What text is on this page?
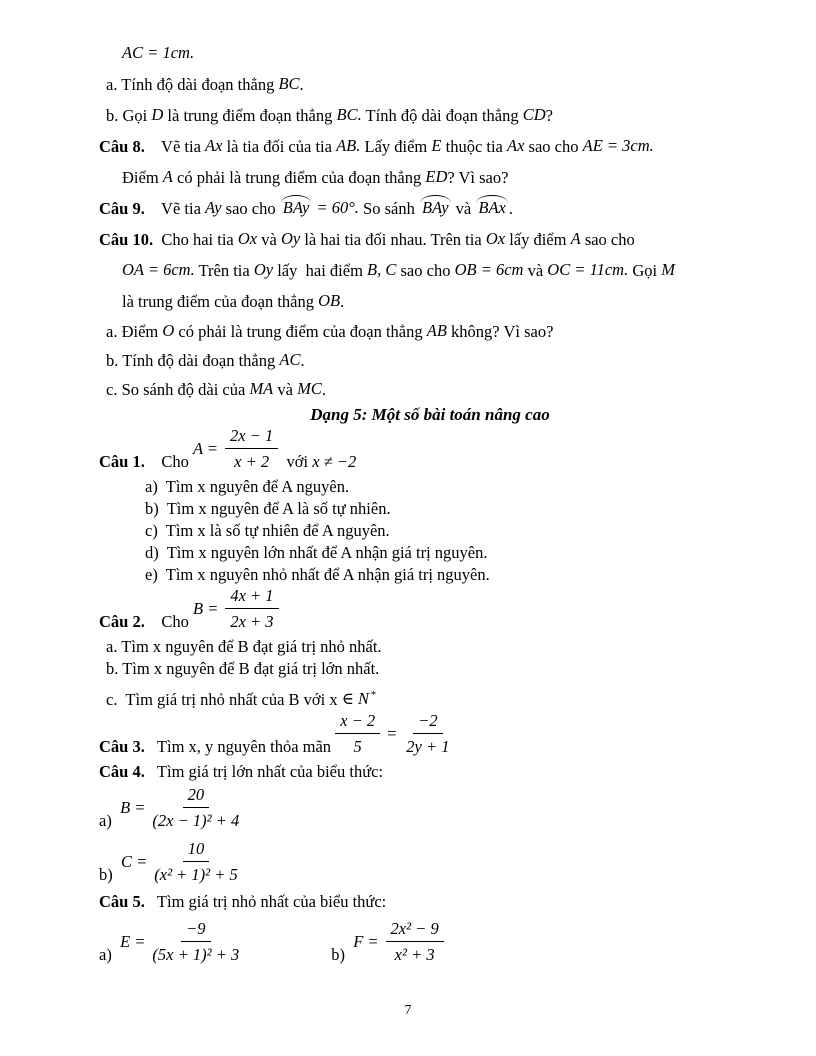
AC = 1cm.
a. Tính độ dài đoạn thẳng BC.
b. Gọi D là trung điểm đoạn thẳng BC. Tính độ dài đoạn thẳng CD?
Câu 8.    Vẽ tia Ax là tia đối của tia AB. Lấy điểm E thuộc tia Ax sao cho AE = 3cm.
Điểm A có phải là trung điểm của đoạn thẳng ED? Vì sao?
Câu 9.    Vẽ tia Ay sao cho BAy = 60°. So sánh BAy và BAx .
Câu 10.  Cho hai tia Ox và Oy là hai tia đối nhau. Trên tia Ox lấy điểm A sao cho
OA = 6cm. Trên tia Oy lấy  hai điểm B, C sao cho OB = 6cm và OC = 11cm. Gọi M
là trung điểm của đoạn thẳng OB.
a. Điểm O có phải là trung điểm của đoạn thẳng AB không? Vì sao?
b. Tính độ dài đoạn thẳng AC.
c. So sánh độ dài của MA và MC.
Dạng 5: Một số bài toán nâng cao
Câu 1. Cho
$A = \frac{2x - 1}{x + 2}$ với x ≠ −2
a)  Tìm x nguyên để A nguyên.
b)  Tìm x nguyên để A là số tự nhiên.
c)  Tìm x là số tự nhiên để A nguyên.
d)  Tìm x nguyên lớn nhất để A nhận giá trị nguyên.
e)  Tìm x nguyên nhỏ nhất để A nhận giá trị nguyên.
Câu 2. Cho
$B = \frac{4x + 1}{2x + 3}$
a. Tìm x nguyên để B đạt giá trị nhỏ nhất.
b. Tìm x nguyên để B đạt giá trị lớn nhất.
c.  Tìm giá trị nhỏ nhất của B với x ∈ N*
Câu 3. Tìm x, y nguyên thỏa mãn $\frac{x - 2}{5} = \frac{-2}{2y + 1}$
Câu 4.   Tìm giá trị lớn nhất của biểu thức:
a)
$B = \frac{20}{\text{(2x − 1)² + 4}}$
b)
$C = \frac{10}{\text{(x² + 1)² + 5}}$
Câu 5.   Tìm giá trị nhỏ nhất của biểu thức:
a)
$E = \frac{-9}{\text{(5x + 1)² + 3}}$	b)
$F = \frac{\text{2x² − 9}}{\text{x² + 3}}$
7
